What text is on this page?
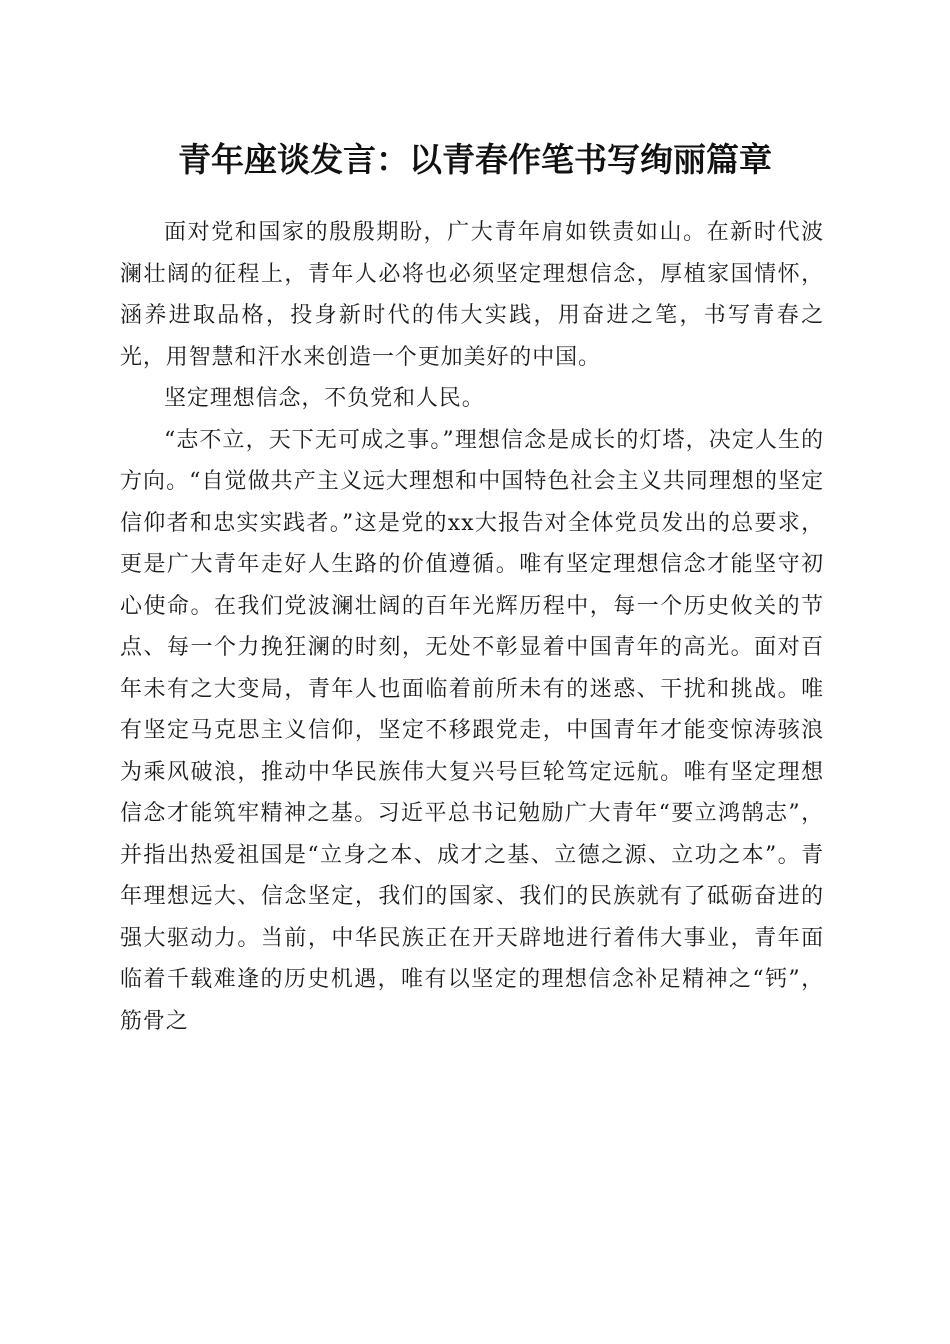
青年座谈发言：以青春作笔书写绚丽篇章

面对党和国家的殷殷期盼，广大青年肩如铁责如山。在新时代波澜壮阔的征程上，青年人必将也必须坚定理想信念，厚植家国情怀，涵养进取品格，投身新时代的伟大实践，用奋进之笔，书写青春之光，用智慧和汗水来创造一个更加美好的中国。

坚定理想信念，不负党和人民。

“志不立，天下无可成之事。”理想信念是成长的灯塔，决定人生的方向。“自觉做共产主义远大理想和中国特色社会主义共同理想的坚定信仰者和忠实实践者。”这是党的xx大报告对全体党员发出的总要求，更是广大青年走好人生路的价值遵循。唯有坚定理想信念才能坚守初心使命。在我们党波澜壮阔的百年光辉历程中，每一个历史攸关的节点、每一个力挽狂澜的时刻，无处不彰显着中国青年的高光。面对百年未有之大变局，青年人也面临着前所未有的迷惑、干扰和挑战。唯有坚定马克思主义信仰，坚定不移跟党走，中国青年才能变惊涛骇浪为乘风破浪，推动中华民族伟大复兴号巨轮笃定远航。唯有坚定理想信念才能筑牢精神之基。习近平总书记勉励广大青年“要立鸿鹄志”，并指出热爱祖国是“立身之本、成才之基、立德之源、立功之本”。青年理想远大、信念坚定，我们的国家、我们的民族就有了砥砺奋进的强大驱动力。当前，中华民族正在开天辟地进行着伟大事业，青年面临着千载难逢的历史机遇，唯有以坚定的理想信念补足精神之“钙”，筋骨之
